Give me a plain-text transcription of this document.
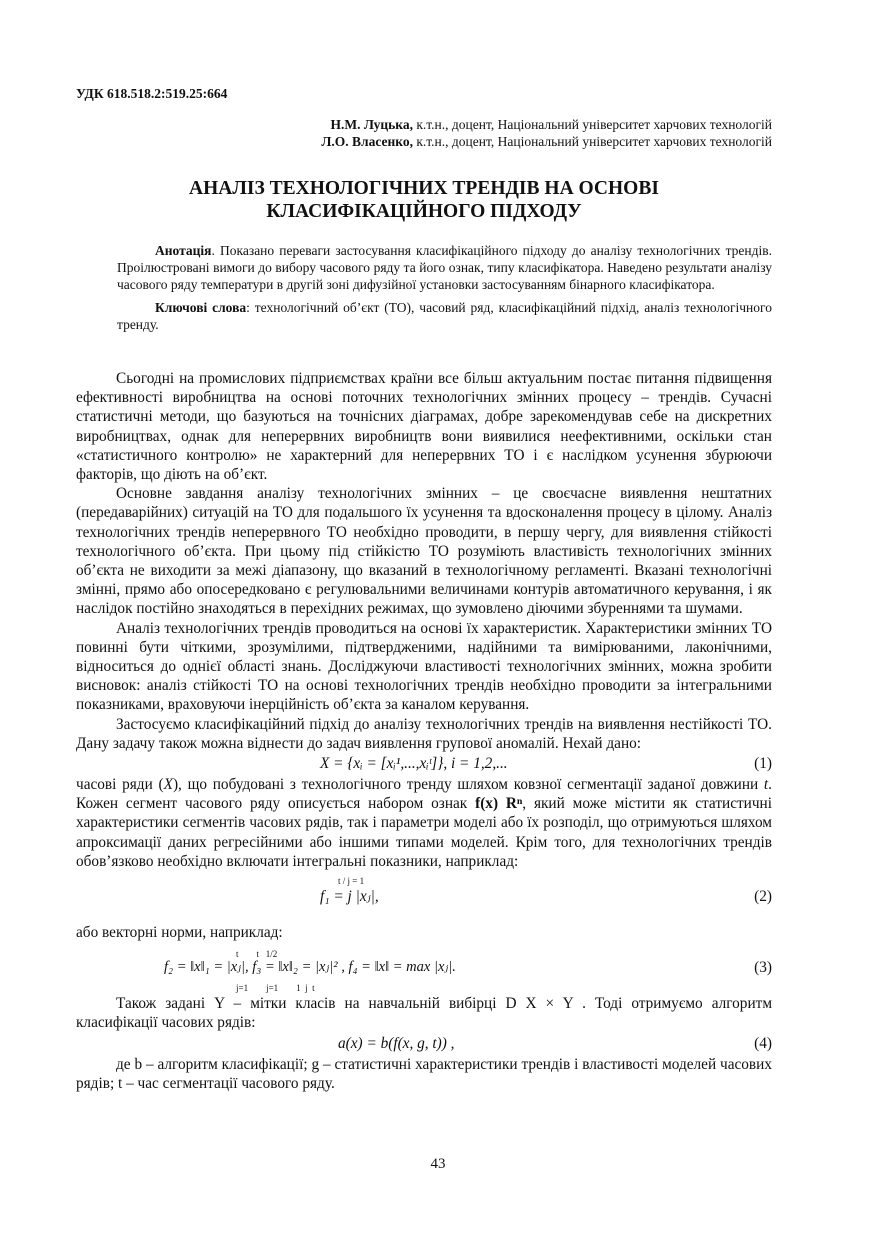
УДК 618.518.2:519.25:664
Н.М. Луцька, к.т.н., доцент, Національний університет харчових технологій
Л.О. Власенко, к.т.н., доцент, Національний університет харчових технологій
АНАЛІЗ ТЕХНОЛОГІЧНИХ ТРЕНДІВ НА ОСНОВІ
КЛАСИФІКАЦІЙНОГО ПІДХОДУ

Анотація. Показано переваги застосування класифікаційного підходу до аналізу технологічних трендів. Проілюстровані вимоги до вибору часового ряду та його ознак, типу класифікатора. Наведено результати аналізу часового ряду температури в другій зоні дифузійної установки застосуванням бінарного класифікатора.

Ключові слова: технологічний об’єкт (ТО), часовий ряд, класифікаційний підхід, аналіз технологічного тренду.

Сьогодні на промислових підприємствах країни все більш актуальним постає питання підвищення ефективності виробництва на основі поточних технологічних змінних процесу – трендів. Сучасні статистичні методи, що базуються на точнісних діаграмах, добре зарекомендував себе на дискретних виробництвах, однак для неперервних виробництв вони виявилися неефективними, оскільки стан «статистичного контролю» не характерний для неперервних ТО і є наслідком усунення збурюючи факторів, що діють на об’єкт.

Основне завдання аналізу технологічних змінних – це своєчасне виявлення нештатних (передаварійних) ситуацій на ТО для подальшого їх усунення та вдосконалення процесу в цілому. Аналіз технологічних трендів неперервного ТО необхідно проводити, в першу чергу, для виявлення стійкості технологічного об’єкта. При цьому під стійкістю ТО розуміють властивість технологічних змінних об’єкта не виходити за межі діапазону, що вказаний в технологічному регламенті. Вказані технологічні змінні, прямо або опосередковано є регулювальними величинами контурів автоматичного керування, і як наслідок постійно знаходяться в перехідних режимах, що зумовлено діючими збуреннями та шумами.

Аналіз технологічних трендів проводиться на основі їх характеристик. Характеристики змінних ТО повинні бути чіткими, зрозумілими, підтвердженими, надійними та вимірюваними, лаконічними, відноситься до однієї області знань. Досліджуючи властивості технологічних змінних, можна зробити висновок: аналіз стійкості ТО на основі технологічних трендів необхідно проводити за інтегральними показниками, враховуючи інерційність об’єкта за каналом керування.

Застосуємо класифікаційний підхід до аналізу технологічних трендів на виявлення нестійкості ТО. Дану задачу також можна віднести до задач виявлення групової аномалій. Нехай дано:

X = {xᵢ = [xᵢ¹,...,xᵢᵗ]}, i = 1,2,...	(1)

часові ряди (X), що побудовані з технологічного тренду шляхом ковзної сегментації заданої довжини t. Кожен сегмент часового ряду описується набором ознак f(x) Rⁿ, який може містити як статистичні характеристики сегментів часових рядів, так і параметри моделі або їх розподіл, що отримуються шляхом апроксимації даних регресійними або іншими типами моделей. Крім того, для технологічних трендів обов’язково необхідно включати інтегральні показники, наприклад:

t / j = 1
f₁ = j |xⱼ|,	(2)

або векторні норми, наприклад:

t        t   1/2
f₂ = ‖x‖₁ = |xⱼ|, f₃ = ‖x‖₂ = |xⱼ|² , f₄ = ‖x‖ = max |xⱼ|.
j=1        j=1        1  j  t
(3)

Також задані Y – мітки класів на навчальній вибірці D X × Y . Тоді отримуємо алгоритм класифікації часових рядів:

a(x) = b(f(x, g, t)) ,	(4)

де b – алгоритм класифікації; g – статистичні характеристики трендів і властивості моделей часових рядів; t – час сегментації часового ряду.

43
